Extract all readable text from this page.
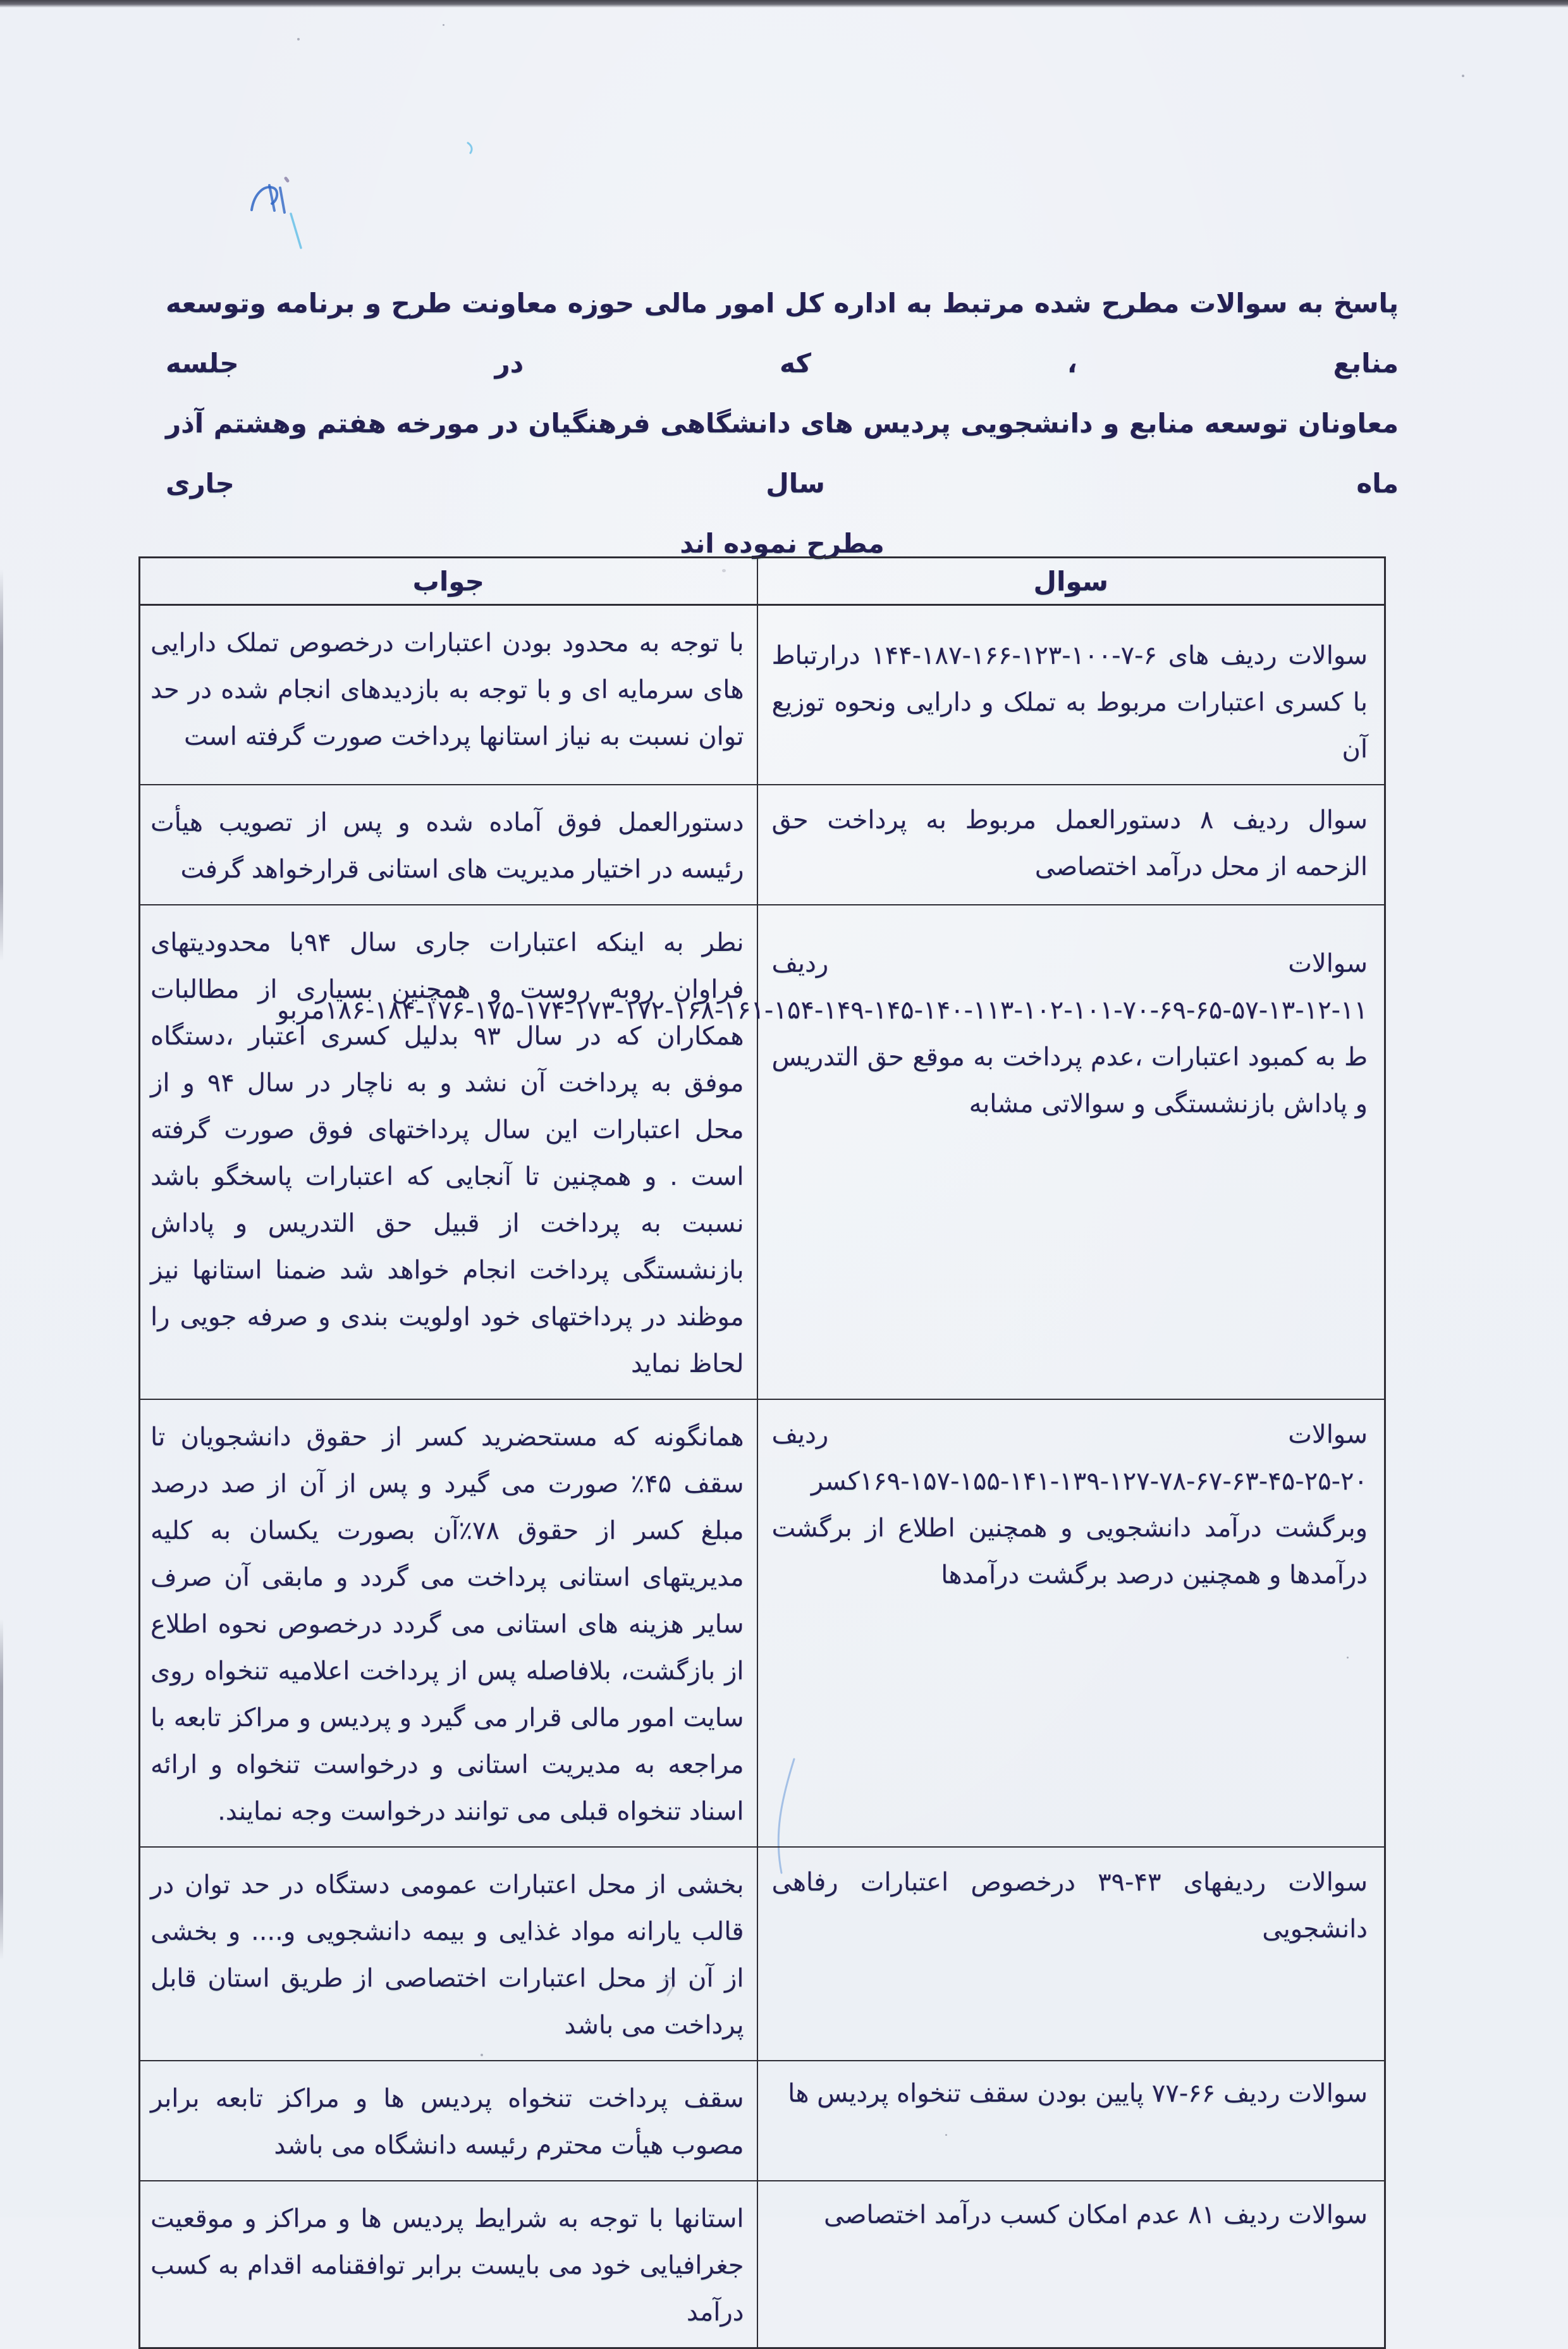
پاسخ به سوالات مطرح شده مرتبط به اداره کل امور مالی حوزه معاونت طرح و برنامه وتوسعه منابع ، که در جلسه

معاونان توسعه منابع و دانشجویی پردیس های دانشگاهی فرهنگیان در مورخه هفتم وهشتم آذر ماه سال جاری

مطرح نموده اند

سوال	جواب
سوالات ردیف های ۶-۷-۱۰۰-۱۲۳-۱۶۶-۱۸۷-۱۴۴ درارتباط با کسری اعتبارات مربوط به تملک و دارایی ونحوه توزیع آن	با توجه به محدود بودن اعتبارات درخصوص تملک دارایی های سرمایه ای و با توجه به بازدیدهای انجام شده در حد توان نسبت به نیاز استانها پرداخت صورت گرفته است
سوال ردیف ۸ دستورالعمل مربوط به پرداخت حق الزحمه از محل درآمد اختصاصی	دستورالعمل فوق آماده شده و پس از تصویب هیأت رئیسه در اختیار مدیریت های استانی قرارخواهد گرفت
سوالات ردیف ۱۱-۱۲-۱۳-۵۷-۶۵-۶۹-۷۰-۱۰۱-۱۰۲-۱۱۳-۱۴۰-۱۴۵-۱۴۹-۱۵۴-۱۶۱-۱۶۸-۱۷۲-۱۷۳-۱۷۴-۱۷۵-۱۷۶-۱۸۴-۱۸۶مربو ط به کمبود اعتبارات ،عدم پرداخت به موقع حق التدریس و پاداش بازنشستگی و سوالاتی مشابه	نطر به اینکه اعتبارات جاری سال ۹۴با محدودیتهای فراوان روبه روست و همچنین بسیاری از مطالبات همکاران که در سال ۹۳ بدلیل کسری اعتبار ،دستگاه موفق به پرداخت آن نشد و به ناچار در سال ۹۴ و از محل اعتبارات این سال پرداختهای فوق صورت گرفته است . و همچنین تا آنجایی که اعتبارات پاسخگو باشد نسبت به پرداخت از قبیل حق التدریس و پاداش بازنشستگی پرداخت انجام خواهد شد ضمنا استانها نیز موظند در پرداختهای خود اولویت بندی و صرفه جویی را لحاظ نماید
سوالات ردیف ۲۰-۲۵-۴۵-۶۳-۶۷-۷۸-۱۲۷-۱۳۹-۱۴۱-۱۵۵-۱۵۷-۱۶۹کسر وبرگشت درآمد دانشجویی و همچنین اطلاع از برگشت درآمدها و همچنین درصد برگشت درآمدها	همانگونه که مستحضرید کسر از حقوق دانشجویان تا سقف ۴۵٪ صورت می گیرد و پس از آن از صد درصد مبلغ کسر از حقوق ۷۸٪آن بصورت یکسان به کلیه مدیریتهای استانی پرداخت می گردد و مابقی آن صرف سایر هزینه های استانی می گردد درخصوص نحوه اطلاع از بازگشت، بلافاصله پس از پرداخت اعلامیه تنخواه روی سایت امور مالی قرار می گیرد و پردیس و مراکز تابعه با مراجعه به مدیریت استانی و درخواست تنخواه و ارائه اسناد تنخواه قبلی می توانند درخواست وجه نمایند.
سوالات ردیفهای ۴۳-۳۹ درخصوص اعتبارات رفاهی دانشجویی	بخشی از محل اعتبارات عمومی دستگاه در حد توان در قالب یارانه مواد غذایی و بیمه دانشجویی و.... و بخشی از آن از محل اعتبارات اختصاصی از طریق استان قابل پرداخت می باشد
سوالات ردیف ۶۶-۷۷ پایین بودن سقف تنخواه پردیس ها	سقف پرداخت تنخواه پردیس ها و مراکز تابعه برابر مصوب هیأت محترم رئیسه دانشگاه می باشد
سوالات ردیف ۸۱ عدم امکان کسب درآمد اختصاصی	استانها با توجه به شرایط پردیس ها و مراکز و موقعیت جغرافیایی خود می بایست برابر توافقنامه اقدام به کسب درآمد
